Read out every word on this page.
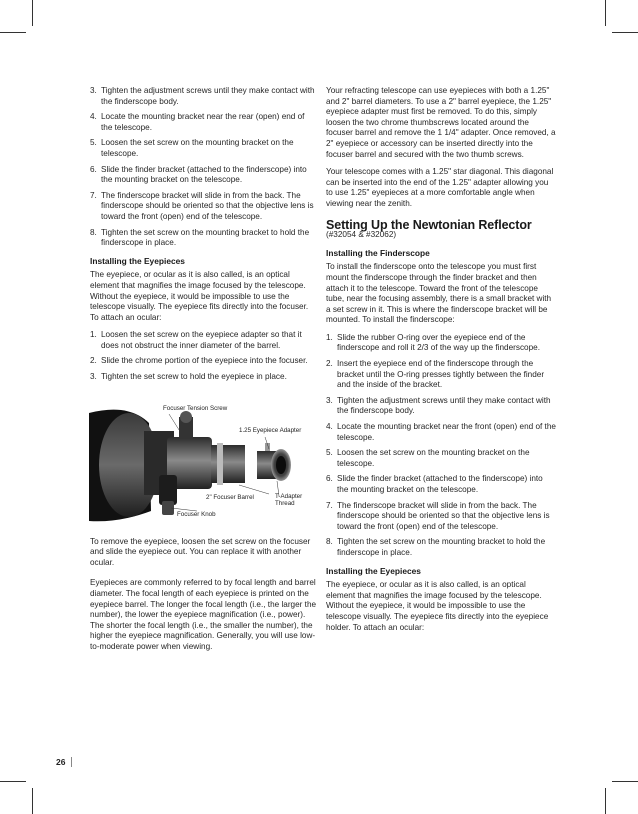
3. Tighten the adjustment screws until they make contact with the finderscope body.
4. Locate the mounting bracket near the rear (open) end of the telescope.
5. Loosen the set screw on the mounting bracket on the telescope.
6. Slide the finder bracket (attached to the finderscope) into the mounting bracket on the telescope.
7. The finderscope bracket will slide in from the back. The finderscope should be oriented so that the objective lens is toward the front (open) end of the telescope.
8. Tighten the set screw on the mounting bracket to hold the finderscope in place.
Installing the Eyepieces

The eyepiece, or ocular as it is also called, is an optical element that magnifies the image focused by the telescope. Without the eyepiece, it would be impossible to use the telescope visually. The eyepiece fits directly into the focuser. To attach an ocular:

1. Loosen the set screw on the eyepiece adapter so that it does not obstruct the inner diameter of the barrel.
2. Slide the chrome portion of the eyepiece into the focuser.
3. Tighten the set screw to hold the eyepiece in place.
Focuser Tension Screw
1.25 Eyepiece Adapter
T-Adapter
Thread
2" Focuser Barrel
Focuser Knob

To remove the eyepiece, loosen the set screw on the focuser and slide the eyepiece out. You can replace it with another ocular.

Eyepieces are commonly referred to by focal length and barrel diameter. The focal length of each eyepiece is printed on the eyepiece barrel. The longer the focal length (i.e., the larger the number), the lower the eyepiece magnification (i.e., power). The shorter the focal length (i.e., the smaller the number), the higher the eyepiece magnification. Generally, you will use low-to-moderate power when viewing.

Your refracting telescope can use eyepieces with both a 1.25" and 2" barrel diameters. To use a 2" barrel eyepiece, the 1.25" eyepiece adapter must first be removed. To do this, simply loosen the two chrome thumbscrews located around the focuser barrel and remove the 1 1/4" adapter. Once removed, a 2" eyepiece or accessory can be inserted directly into the focuser barrel and secured with the two thumb screws.

Your telescope comes with a 1.25" star diagonal. This diagonal can be inserted into the end of the 1.25" adapter allowing you to use 1.25" eyepieces at a more comfortable angle when viewing near the zenith.

Setting Up the Newtonian Reflector
(#32054 & #32062)
Installing the Finderscope

To install the finderscope onto the telescope you must first mount the finderscope through the finder bracket and then attach it to the telescope. Toward the front of the telescope tube, near the focusing assembly, there is a small bracket with a set screw in it. This is where the finderscope bracket will be mounted. To install the finderscope:

1. Slide the rubber O-ring over the eyepiece end of the finderscope and roll it 2/3 of the way up the finderscope.
2. Insert the eyepiece end of the finderscope through the bracket until the O-ring presses tightly between the finder and the inside of the bracket.
3. Tighten the adjustment screws until they make contact with the finderscope body.
4. Locate the mounting bracket near the front (open) end of the telescope.
5. Loosen the set screw on the mounting bracket on the telescope.
6. Slide the finder bracket (attached to the finderscope) into the mounting bracket on the telescope.
7. The finderscope bracket will slide in from the back. The finderscope should be oriented so that the objective lens is toward the front (open) end of the telescope.
8. Tighten the set screw on the mounting bracket to hold the finderscope in place.
Installing the Eyepieces

The eyepiece, or ocular as it is also called, is an optical element that magnifies the image focused by the telescope. Without the eyepiece, it would be impossible to use the telescope visually. The eyepiece fits directly into the eyepiece holder. To attach an ocular:

26
